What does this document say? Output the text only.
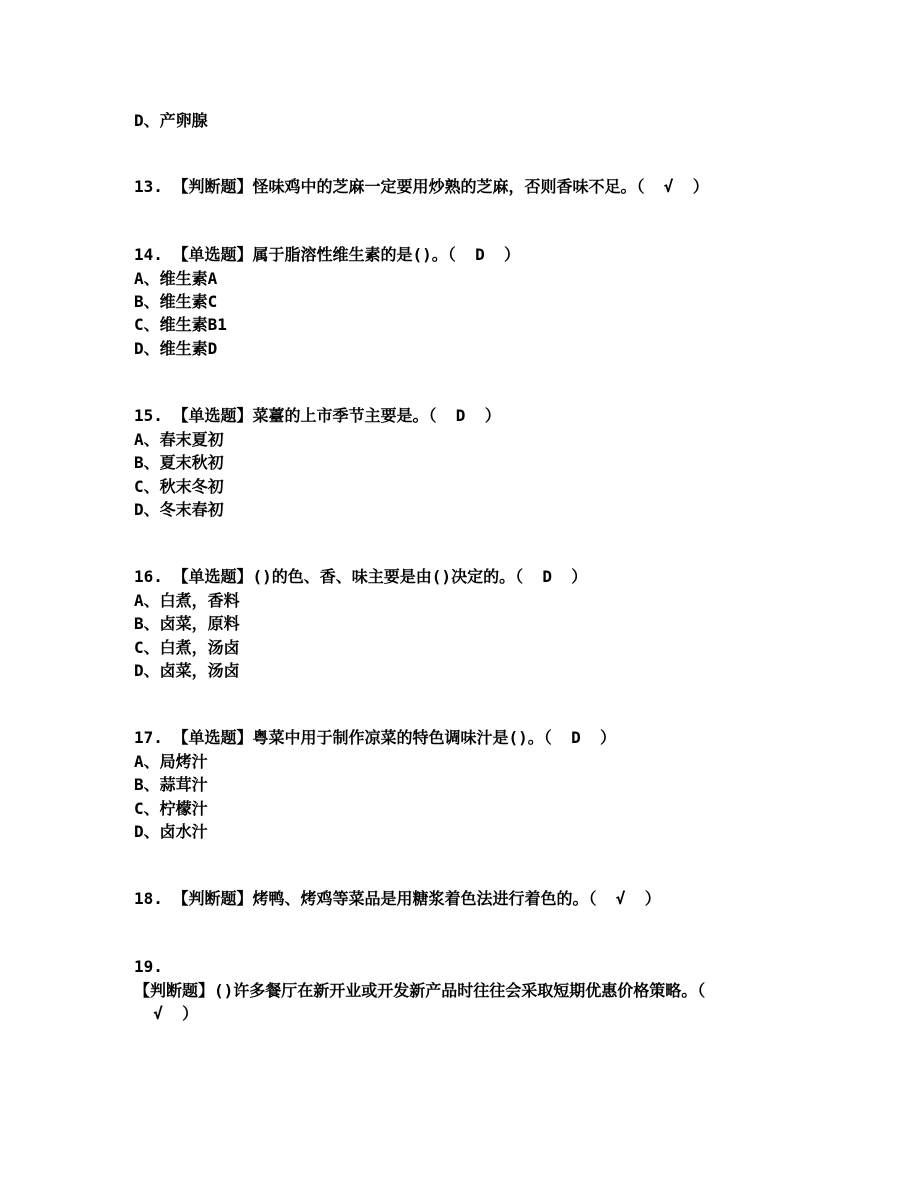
D、产卵腺
13. 【判断题】怪味鸡中的芝麻一定要用炒熟的芝麻，否则香味不足。（  √  ）
14. 【单选题】属于脂溶性维生素的是()。（  D  ）
A、维生素A
B、维生素C
C、维生素B1
D、维生素D
15. 【单选题】菜薹的上市季节主要是。（  D  ）
A、春末夏初
B、夏末秋初
C、秋末冬初
D、冬末春初
16. 【单选题】()的色、香、味主要是由()决定的。（  D  ）
A、白煮，香料
B、卤菜，原料
C、白煮，汤卤
D、卤菜，汤卤
17. 【单选题】粤菜中用于制作凉菜的特色调味汁是()。（  D  ）
A、局烤汁
B、蒜茸汁
C、柠檬汁
D、卤水汁
18. 【判断题】烤鸭、烤鸡等菜品是用糖浆着色法进行着色的。（  √  ）
19.
【判断题】()许多餐厅在新开业或开发新产品时往往会采取短期优惠价格策略。（
√  ）
